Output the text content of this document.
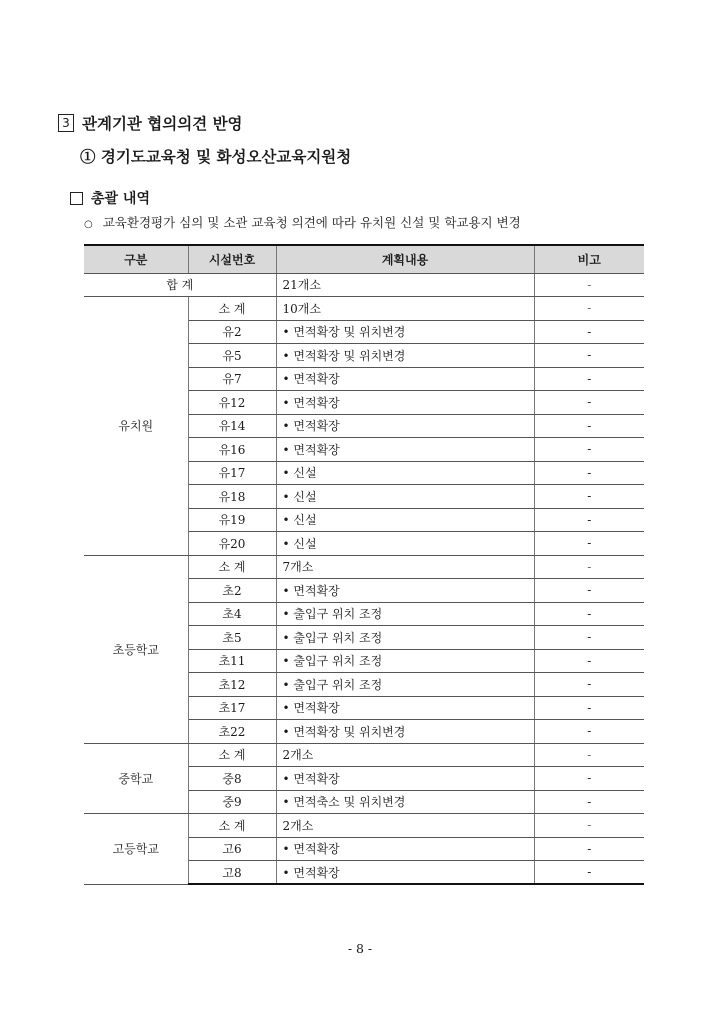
3 관계기관 협의의견 반영
① 경기도교육청 및 화성오산교육지원청
총괄 내역
○ 교육환경평가 심의 및 소관 교육청 의견에 따라 유치원 신설 및 학교용지 변경
구분	시설번호	계획내용	비고
합 계		21개소	-
유치원	소 계	10개소	-
	유2	• 면적확장 및 위치변경	-
	유5	• 면적확장 및 위치변경	-
	유7	• 면적확장	-
	유12	• 면적확장	-
	유14	• 면적확장	-
	유16	• 면적확장	-
	유17	• 신설	-
	유18	• 신설	-
	유19	• 신설	-
	유20	• 신설	-
초등학교	소 계	7개소	-
	초2	• 면적확장	-
	초4	• 출입구 위치 조정	-
	초5	• 출입구 위치 조정	-
	초11	• 출입구 위치 조정	-
	초12	• 출입구 위치 조정	-
	초17	• 면적확장	-
	초22	• 면적확장 및 위치변경	-
중학교	소 계	2개소	-
	중8	• 면적확장	-
	중9	• 면적축소 및 위치변경	-
고등학교	소 계	2개소	-
	고6	• 면적확장	-
	고8	• 면적확장	-
- 8 -
